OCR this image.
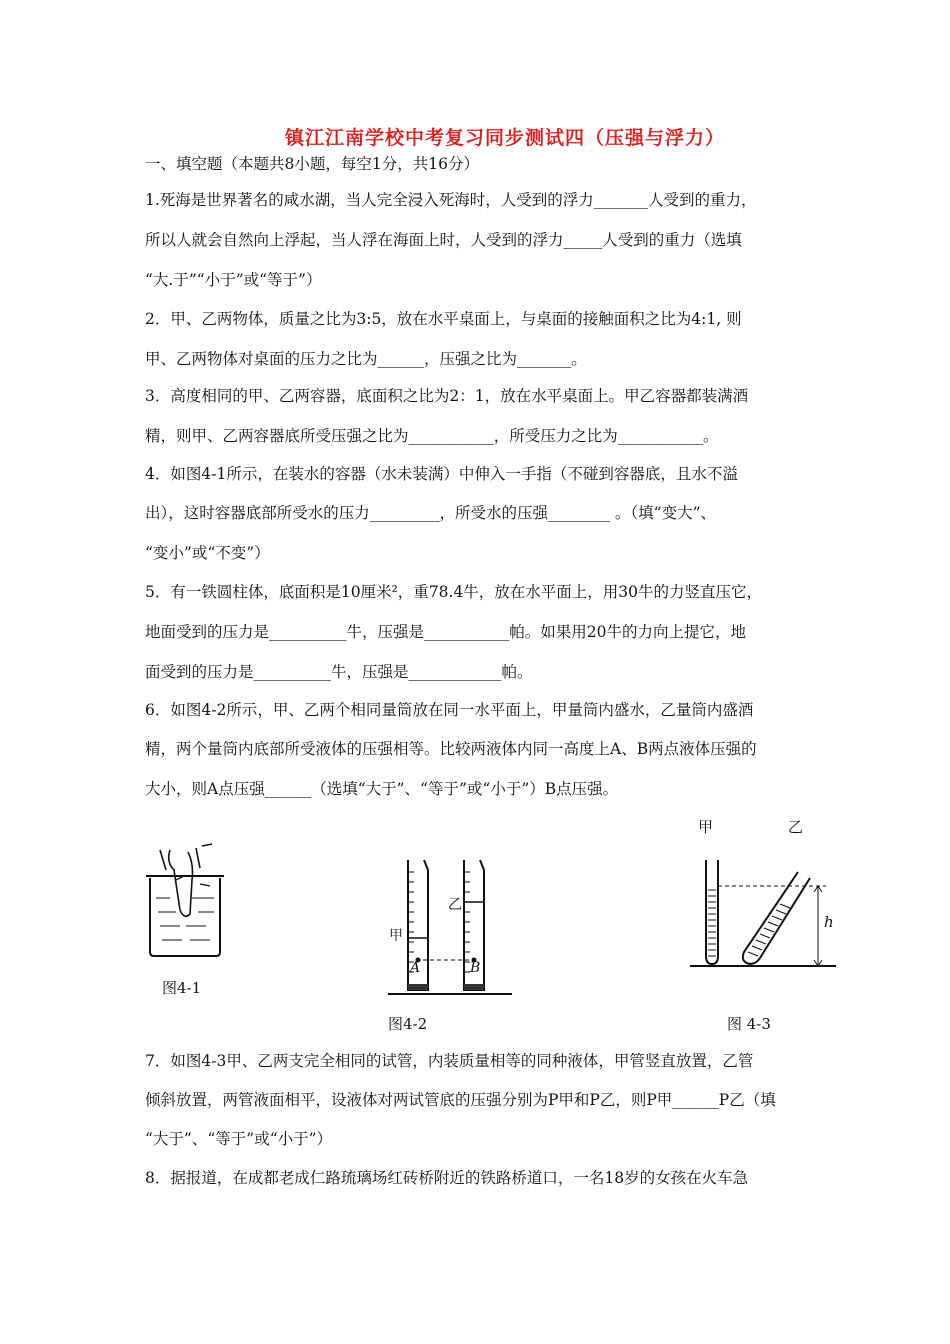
镇江江南学校中考复习同步测试四（压强与浮力）
一、填空题（本题共8小题，每空1分，共16分）
1.死海是世界著名的咸水湖，当人完全浸入死海时，人受到的浮力_______人受到的重力，
所以人就会自然向上浮起，当人浮在海面上时，人受到的浮力_____人受到的重力（选填
“大.于”“小于”或“等于”）
2．甲、乙两物体，质量之比为3:5，放在水平桌面上，与桌面的接触面积之比为4:1, 则
甲、乙两物体对桌面的压力之比为______，压强之比为_______。
3．高度相同的甲、乙两容器，底面积之比为2：1，放在水平桌面上。甲乙容器都装满酒
精，则甲、乙两容器底所受压强之比为___________，所受压力之比为___________。
4．如图4-1所示，在装水的容器（水未装满）中伸入一手指（不碰到容器底，且水不溢
出），这时容器底部所受水的压力_________，所受水的压强________ 。（填“变大”、
“变小”或“不变”）
5．有一铁圆柱体，底面积是10厘米²，重78.4牛，放在水平面上，用30牛的力竖直压它，
地面受到的压力是__________牛，压强是___________帕。如果用20牛的力向上提它，地
面受到的压力是__________牛，压强是____________帕。
6．如图4-2所示，甲、乙两个相同量筒放在同一水平面上，甲量筒内盛水，乙量筒内盛酒
精，两个量筒内底部所受液体的压强相等。比较两液体内同一高度上A、B两点液体压强的
大小，则A点压强______（选填“大于”、“等于”或“小于”）B点压强。
甲	乙
图4-1
甲
乙
A	B
图4-2
h
图 4-3
7．如图4-3甲、乙两支完全相同的试管，内装质量相等的同种液体，甲管竖直放置，乙管
倾斜放置，两管液面相平，设液体对两试管底的压强分别为P甲和P乙，则P甲______P乙（填
“大于”、“等于”或“小于”）
8．据报道，在成都老成仁路琉璃场红砖桥附近的铁路桥道口，一名18岁的女孩在火车急
